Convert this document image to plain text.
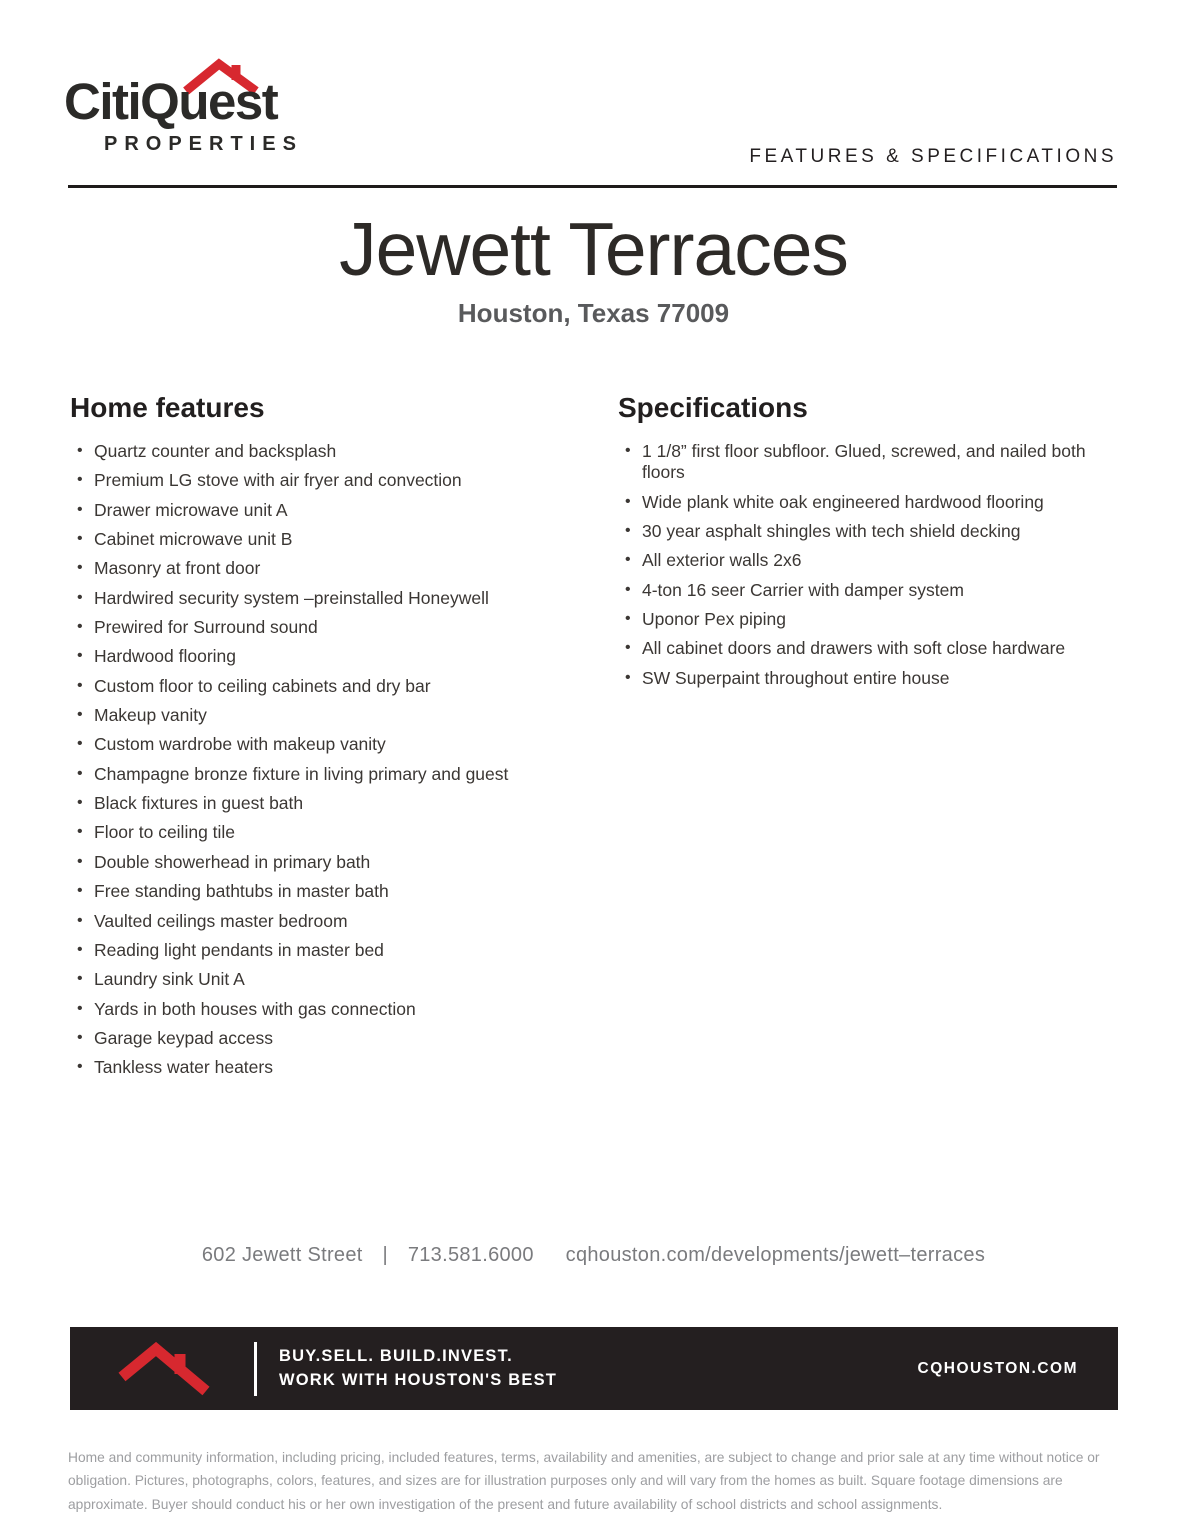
CitiQuest
PROPERTIES
FEATURES & SPECIFICATIONS
Jewett Terraces
Houston, Texas 77009
Home features
• Quartz counter and backsplash
• Premium LG stove with air fryer and convection
• Drawer microwave unit A
• Cabinet microwave unit B
• Masonry at front door
• Hardwired security system –preinstalled Honeywell
• Prewired for Surround sound
• Hardwood flooring
• Custom floor to ceiling cabinets and dry bar
• Makeup vanity
• Custom wardrobe with makeup vanity
• Champagne bronze fixture in living primary and guest
• Black fixtures in guest bath
• Floor to ceiling tile
• Double showerhead in primary bath
• Free standing bathtubs in master bath
• Vaulted ceilings master bedroom
• Reading light pendants in master bed
• Laundry sink Unit A
• Yards in both houses with gas connection
• Garage keypad access
• Tankless water heaters
Specifications
• 1 1/8” first floor subfloor. Glued, screwed, and nailed both floors
• Wide plank white oak engineered hardwood flooring
• 30 year asphalt shingles with tech shield decking
• All exterior walls 2x6
• 4-ton 16 seer Carrier with damper system
• Uponor Pex piping
• All cabinet doors and drawers with soft close hardware
• SW Superpaint throughout entire house
602 Jewett Street | 713.581.6000 cqhouston.com/developments/jewett–terraces
BUY.SELL. BUILD.INVEST.
WORK WITH HOUSTON'S BEST
CQHOUSTON.COM

Home and community information, including pricing, included features, terms, availability and amenities, are subject to change and prior sale at any time without notice or obligation. Pictures, photographs, colors, features, and sizes are for illustration purposes only and will vary from the homes as built. Square footage dimensions are approximate. Buyer should conduct his or her own investigation of the present and future availability of school districts and school assignments.
